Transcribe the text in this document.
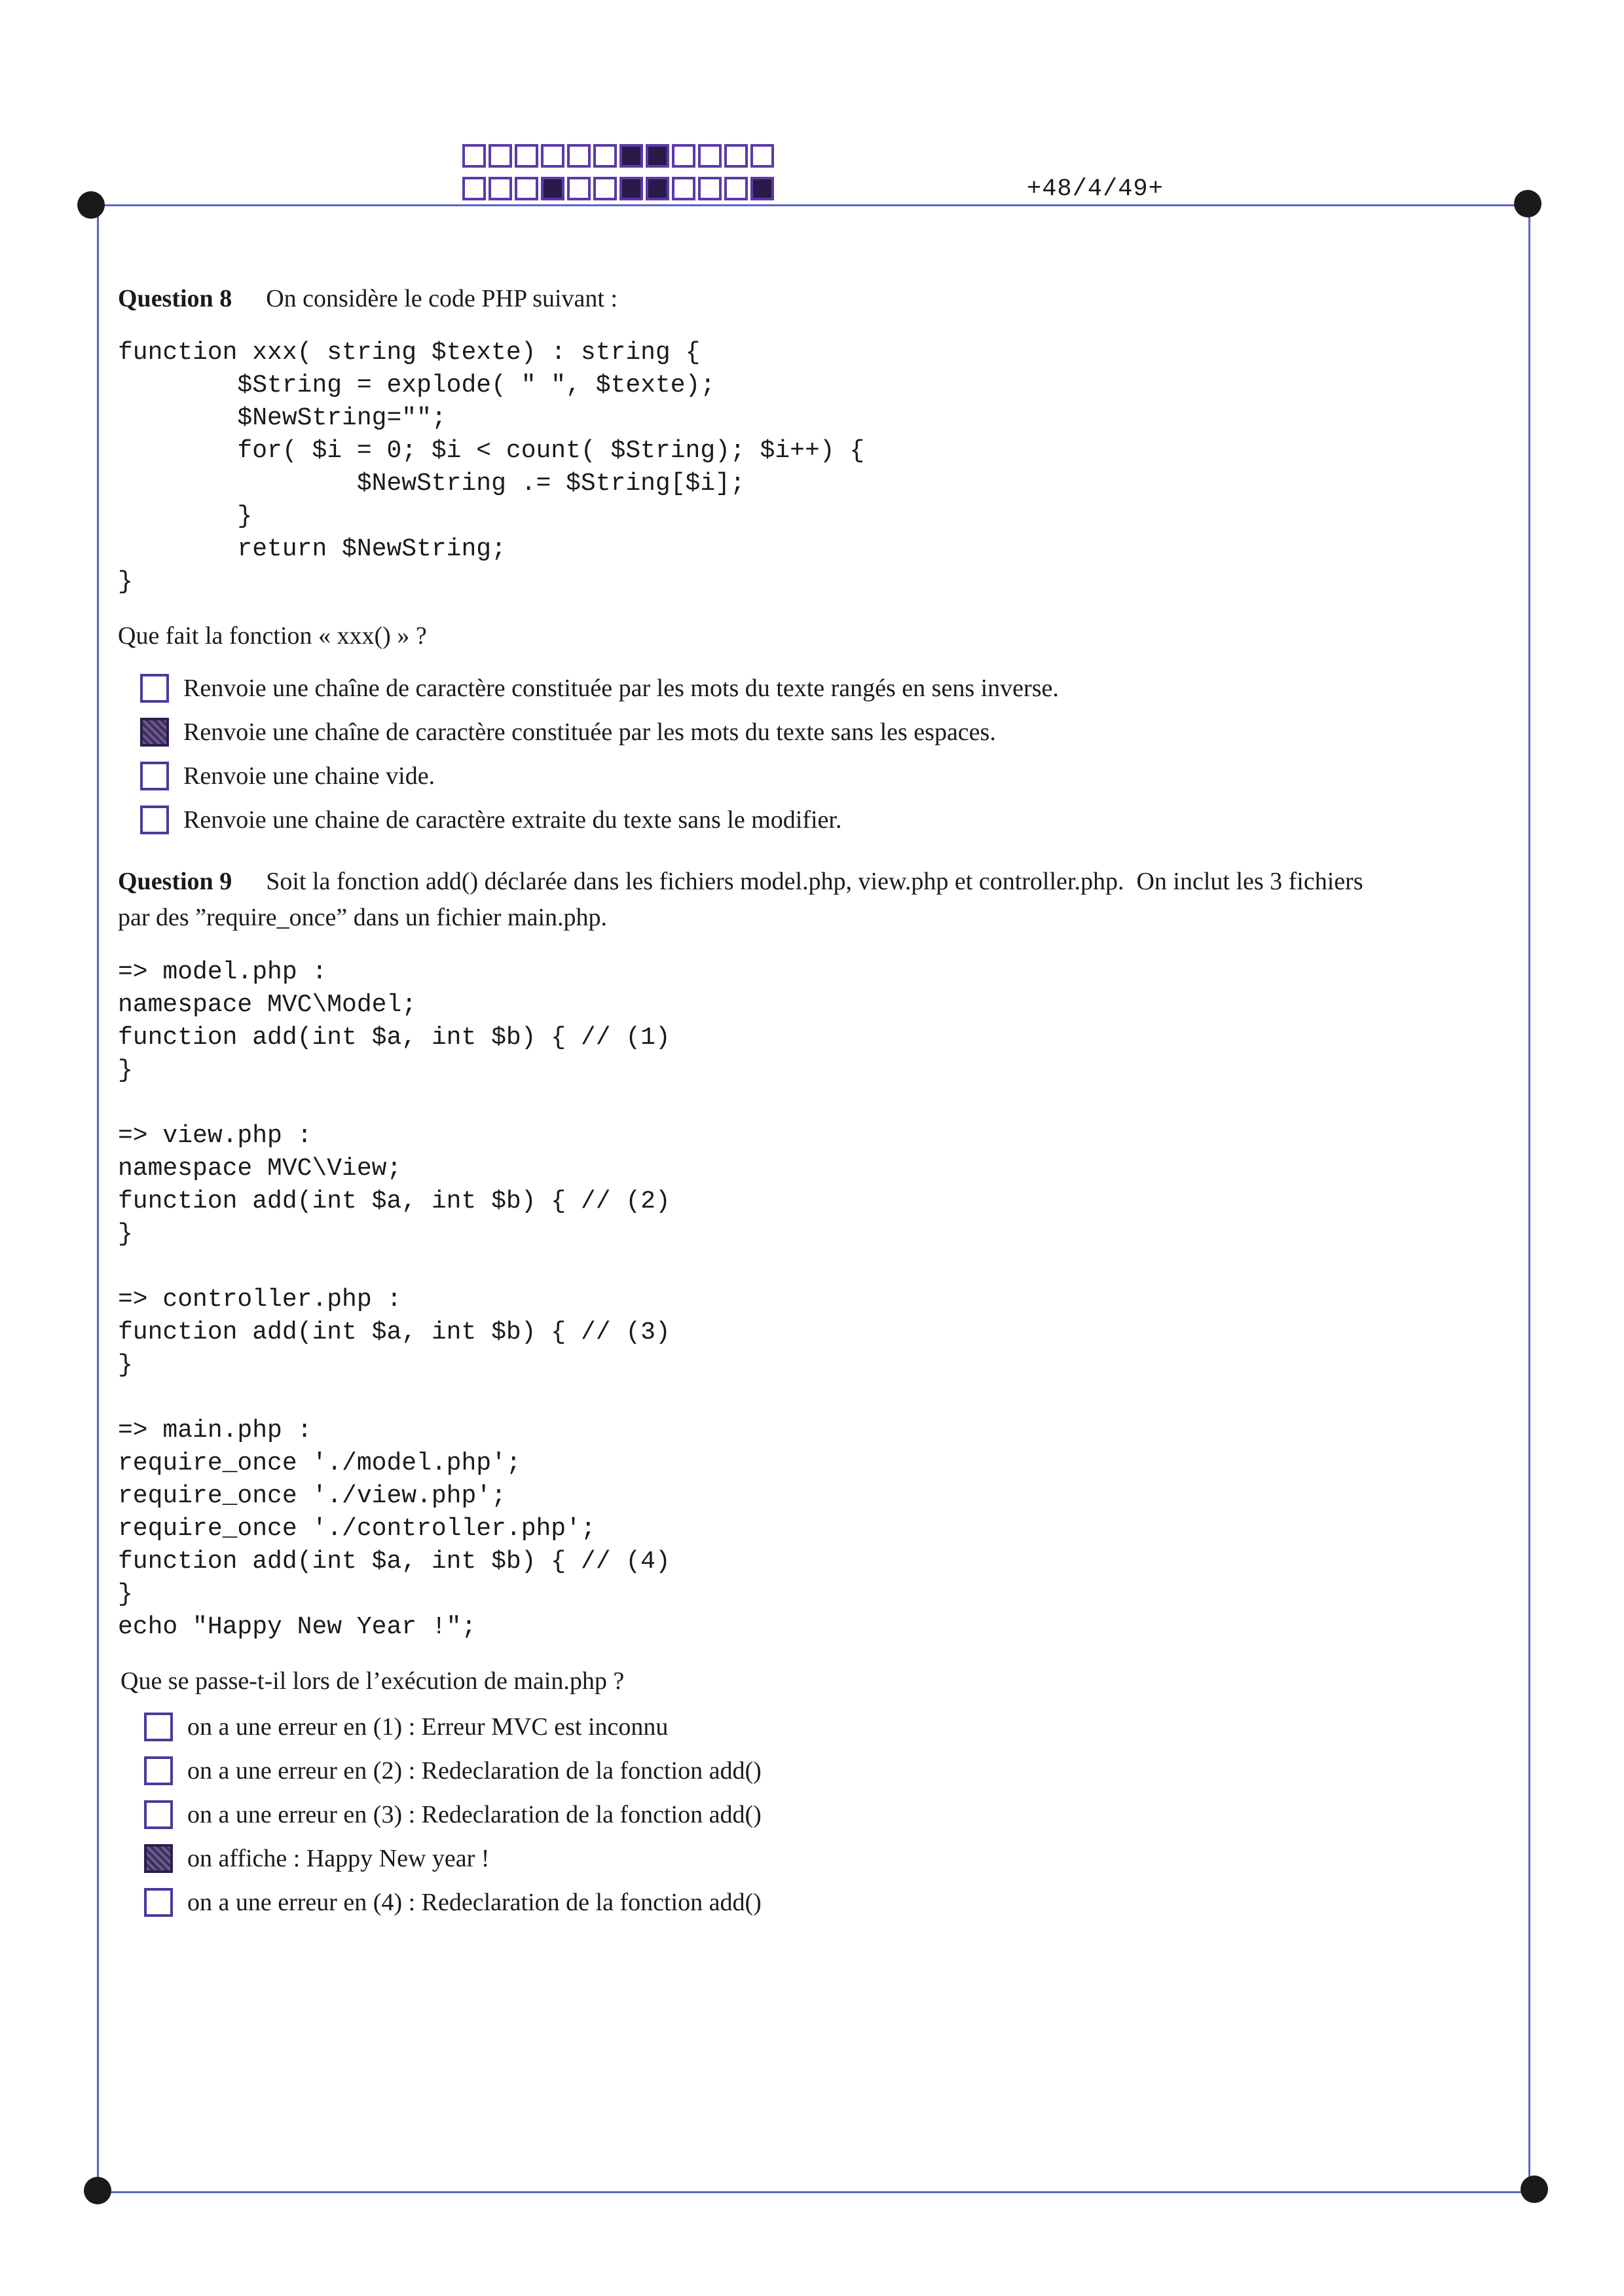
+48/4/49+
Question 8 On considère le code PHP suivant :
function xxx( string $texte) : string {
$String = explode( " ", $texte);
$NewString="";
for( $i = 0; $i < count( $String); $i++) {
$NewString .= $String[$i];
}
return $NewString;
}
Que fait la fonction « xxx() » ?
Renvoie une chaîne de caractère constituée par les mots du texte rangés en sens inverse.
Renvoie une chaîne de caractère constituée par les mots du texte sans les espaces.
Renvoie une chaine vide.
Renvoie une chaine de caractère extraite du texte sans le modifier.
Question 9 Soit la fonction add() déclarée dans les fichiers model.php, view.php et controller.php.  On inclut les 3 fichiers
par des ”require_once” dans un fichier main.php.
=> model.php :
namespace MVC\Model;
function add(int $a, int $b) { // (1)
}

=> view.php :
namespace MVC\View;
function add(int $a, int $b) { // (2)
}

=> controller.php :
function add(int $a, int $b) { // (3)
}

=> main.php :
require_once './model.php';
require_once './view.php';
require_once './controller.php';
function add(int $a, int $b) { // (4)
}
echo "Happy New Year !";
Que se passe-t-il lors de l’exécution de main.php ?
on a une erreur en (1) : Erreur MVC est inconnu
on a une erreur en (2) : Redeclaration de la fonction add()
on a une erreur en (3) : Redeclaration de la fonction add()
on affiche : Happy New year !
on a une erreur en (4) : Redeclaration de la fonction add()
